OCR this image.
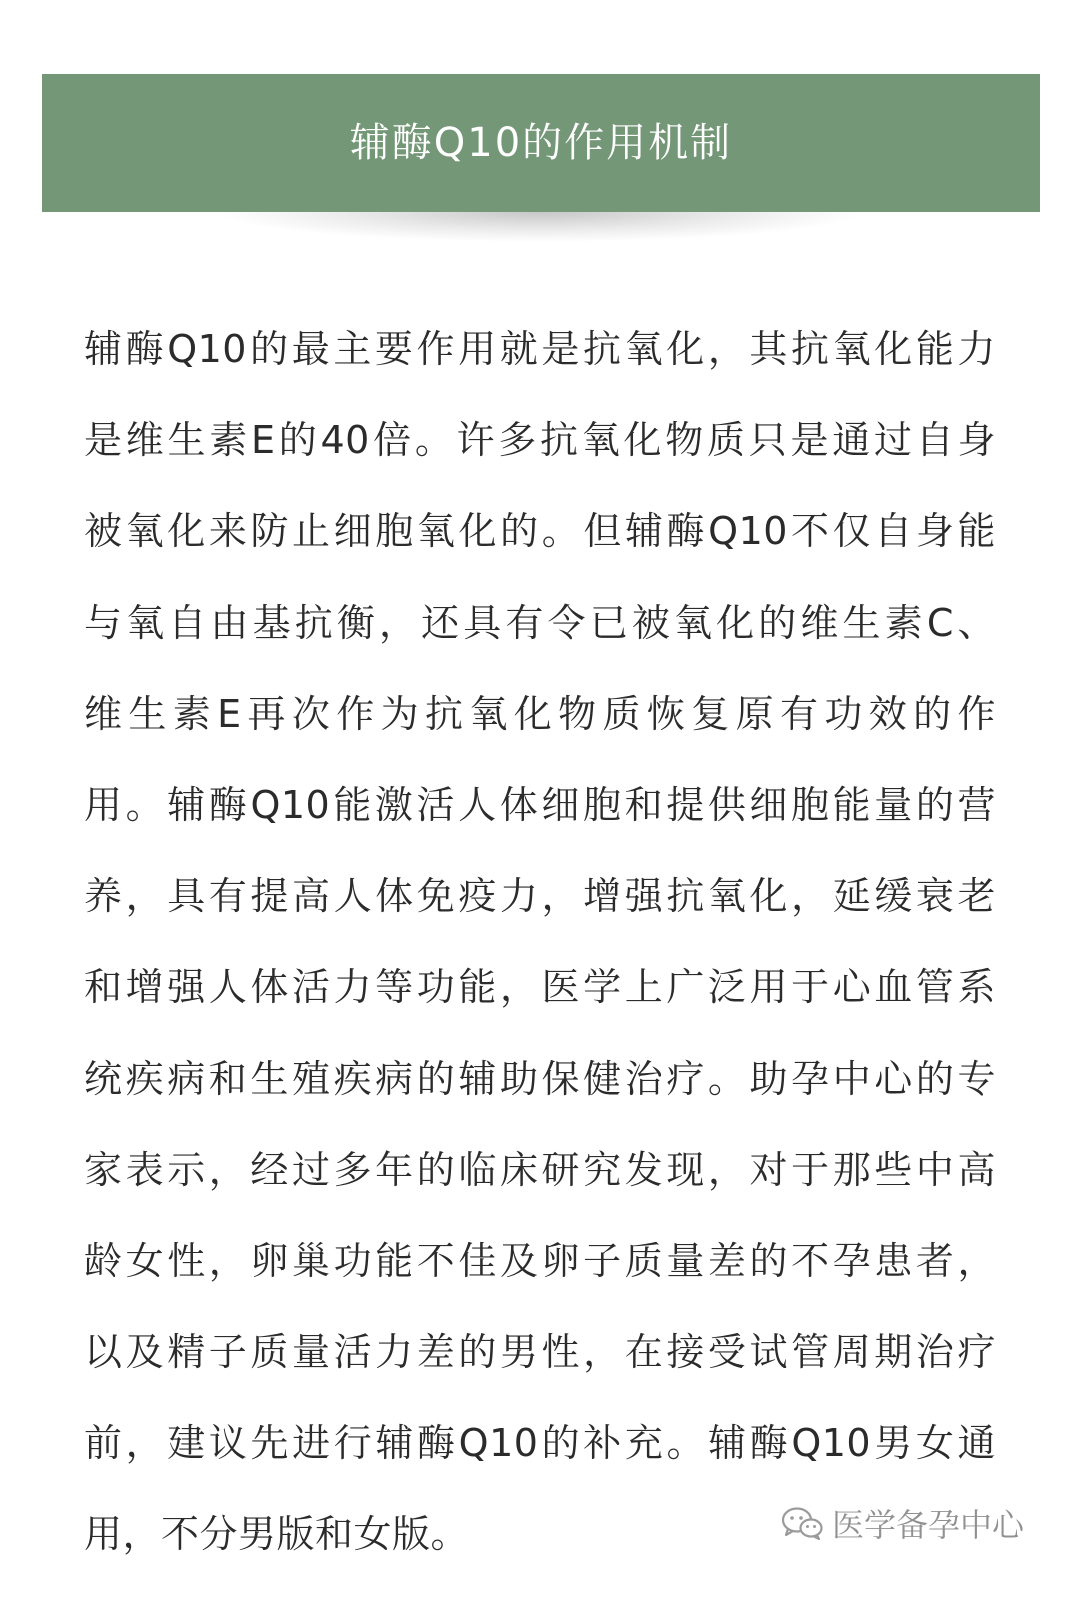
辅酶Q10的作用机制
辅酶Q10的最主要作用就是抗氧化，其抗氧化能力
是维生素E的40倍。许多抗氧化物质只是通过自身
被氧化来防止细胞氧化的。但辅酶Q10不仅自身能
与氧自由基抗衡，还具有令已被氧化的维生素C、
维生素E再次作为抗氧化物质恢复原有功效的作
用。辅酶Q10能激活人体细胞和提供细胞能量的营
养，具有提高人体免疫力，增强抗氧化，延缓衰老
和增强人体活力等功能，医学上广泛用于心血管系
统疾病和生殖疾病的辅助保健治疗。助孕中心的专
家表示，经过多年的临床研究发现，对于那些中高
龄女性，卵巢功能不佳及卵子质量差的不孕患者，
以及精子质量活力差的男性，在接受试管周期治疗
前，建议先进行辅酶Q10的补充。辅酶Q10男女通
用，不分男版和女版。	医学备孕中心
